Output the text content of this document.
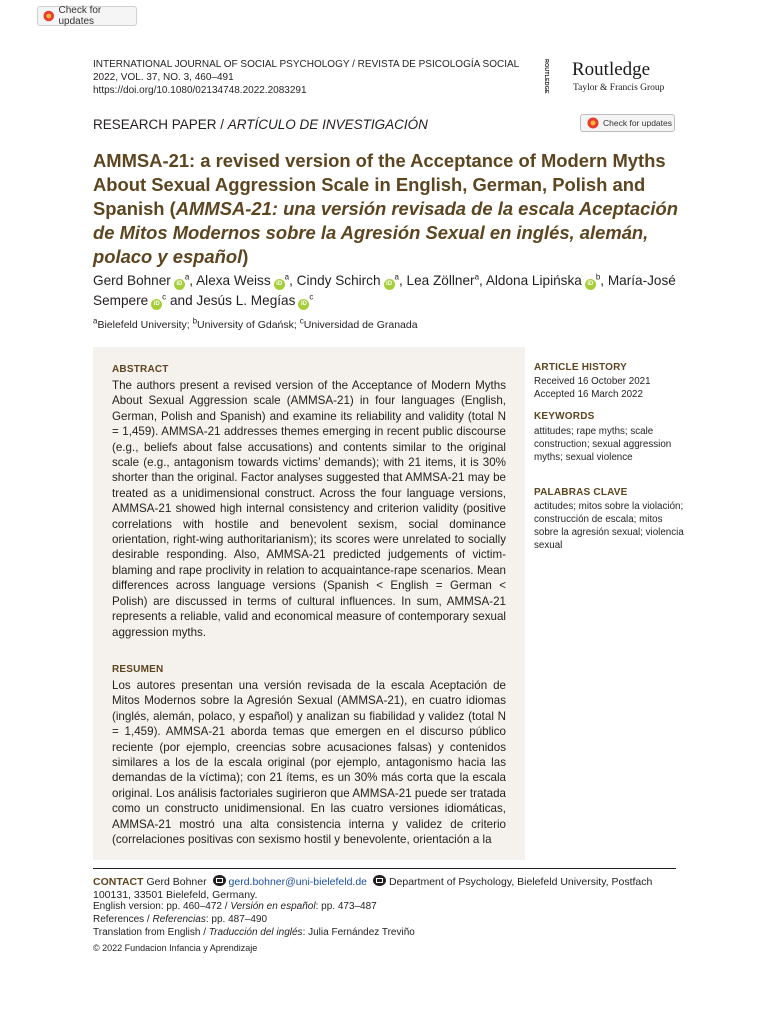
Check for updates
INTERNATIONAL JOURNAL OF SOCIAL PSYCHOLOGY / REVISTA DE PSICOLOGÍA SOCIAL
2022, VOL. 37, NO. 3, 460–491
https://doi.org/10.1080/02134748.2022.2083291	ROUTLEDGE Routledge
Taylor & Francis Group
RESEARCH PAPER / ARTÍCULO DE INVESTIGACIÓN	Check for updates
AMMSA-21: a revised version of the Acceptance of Modern Myths About Sexual Aggression Scale in English, German, Polish and Spanish (AMMSA-21: una versión revisada de la escala Aceptación de Mitos Modernos sobre la Agresión Sexual en inglés, alemán, polaco y español)
Gerd Bohner $iD^a$, Alexa Weiss $iD^a$, Cindy Schirch $iD^a$, Lea Zöllner$^a$, Aldona Lipińska $iD^b$, María-José Sempere $iD^c$ and Jesús L. Megías $iD^c$
$^a$Bielefeld University; $^b$University of Gdańsk; $^c$Universidad de Granada
ABSTRACT
The authors present a revised version of the Acceptance of Modern Myths About Sexual Aggression scale (AMMSA-21) in four languages (English, German, Polish and Spanish) and examine its reliability and validity (total N = 1,459). AMMSA-21 addresses themes emerging in recent public discourse (e.g., beliefs about false accusations) and contents similar to the original scale (e.g., antagonism towards victims’ demands); with 21 items, it is 30% shorter than the original. Factor analyses suggested that AMMSA-21 may be treated as a unidimensional construct. Across the four language versions, AMMSA-21 showed high internal consistency and criterion validity (positive correlations with hostile and benevolent sexism, social dominance orientation, right-wing authoritarianism); its scores were unrelated to socially desirable responding. Also, AMMSA-21 predicted judgements of victim-blaming and rape proclivity in relation to acquaintance-rape scenarios. Mean differences across language versions (Spanish < English = German < Polish) are discussed in terms of cultural influences. In sum, AMMSA-21 represents a reliable, valid and economical measure of contemporary sexual aggression myths.
RESUMEN
Los autores presentan una versión revisada de la escala Aceptación de Mitos Modernos sobre la Agresión Sexual (AMMSA-21), en cuatro idiomas (inglés, alemán, polaco, y español) y analizan su fiabilidad y validez (total N = 1,459). AMMSA-21 aborda temas que emergen en el discurso público reciente (por ejemplo, creencias sobre acusaciones falsas) y contenidos similares a los de la escala original (por ejemplo, antagonismo hacia las demandas de la víctima); con 21 ítems, es un 30% más corta que la escala original. Los análisis factoriales sugirieron que AMMSA-21 puede ser tratada como un constructo unidimensional. En las cuatro versiones idiomáticas, AMMSA-21 mostró una alta consistencia interna y validez de criterio (correlaciones positivas con sexismo hostil y benevolente, orientación a la
ARTICLE HISTORY
Received 16 October 2021
Accepted 16 March 2022
KEYWORDS
attitudes; rape myths; scale construction; sexual aggression myths; sexual violence
PALABRAS CLAVE
actitudes; mitos sobre la violación; construcción de escala; mitos sobre la agresión sexual; violencia sexual
CONTACT Gerd Bohner gerd.bohner@uni-bielefeld.de Department of Psychology, Bielefeld University, Postfach 100131, 33501 Bielefeld, Germany.
English version: pp. 460–472 / Versión en español: pp. 473–487
References / Referencias: pp. 487–490
Translation from English / Traducción del inglés: Julia Fernández Treviño
© 2022 Fundacion Infancia y Aprendizaje
